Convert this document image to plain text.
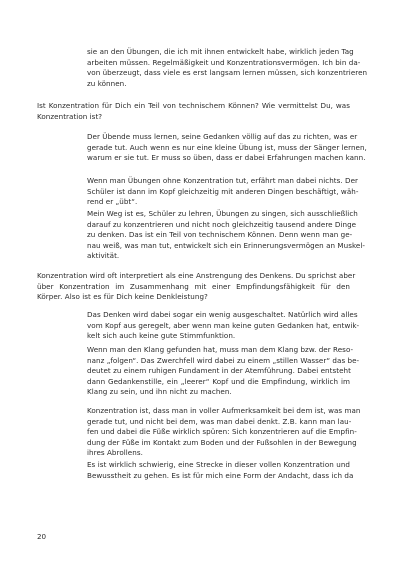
sie an den Übungen, die ich mit ihnen entwickelt habe, wirklich jeden Tag
arbeiten müssen. Regelmäßigkeit und Konzentrationsvermögen. Ich bin da-
von überzeugt, dass viele es erst langsam lernen müssen, sich konzentrieren
zu können.
Ist Konzentration für Dich ein Teil von technischem Können? Wie vermittelst Du, was
Konzentration ist?
Der Übende muss lernen, seine Gedanken völlig auf das zu richten, was er
gerade tut. Auch wenn es nur eine kleine Übung ist, muss der Sänger lernen,
warum er sie tut. Er muss so üben, dass er dabei Erfahrungen machen kann.
Wenn man Übungen ohne Konzentration tut, erfährt man dabei nichts. Der
Schüler ist dann im Kopf gleichzeitig mit anderen Dingen beschäftigt, wäh-
rend er „übt“.
Mein Weg ist es, Schüler zu lehren, Übungen zu singen, sich ausschließlich
darauf zu konzentrieren und nicht noch gleichzeitig tausend andere Dinge
zu denken. Das ist ein Teil von technischem Können. Denn wenn man ge-
nau weiß, was man tut, entwickelt sich ein Erinnerungsvermögen an Muskel-
aktivität.
Konzentration wird oft interpretiert als eine Anstrengung des Denkens. Du sprichst aber
über Konzentration im Zusammenhang mit einer Empfindungsfähigkeit für den
Körper. Also ist es für Dich keine Denkleistung?
Das Denken wird dabei sogar ein wenig ausgeschaltet. Natürlich wird alles
vom Kopf aus geregelt, aber wenn man keine guten Gedanken hat, entwik-
kelt sich auch keine gute Stimmfunktion.
Wenn man den Klang gefunden hat, muss man dem Klang bzw. der Reso-
nanz „folgen“. Das Zwerchfell wird dabei zu einem „stillen Wasser“ das be-
deutet zu einem ruhigen Fundament in der Atemführung. Dabei entsteht
dann Gedankenstille, ein „leerer“ Kopf und die Empfindung, wirklich im
Klang zu sein, und ihn nicht zu machen.
Konzentration ist, dass man in voller Aufmerksamkeit bei dem ist, was man
gerade tut, und nicht bei dem, was man dabei denkt. Z.B. kann man lau-
fen und dabei die Füße wirklich spüren: Sich konzentrieren auf die Empfin-
dung der Füße im Kontakt zum Boden und der Fußsohlen in der Bewegung
ihres Abrollens.
Es ist wirklich schwierig, eine Strecke in dieser vollen Konzentration und
Bewusstheit zu gehen. Es ist für mich eine Form der Andacht, dass ich da
20
